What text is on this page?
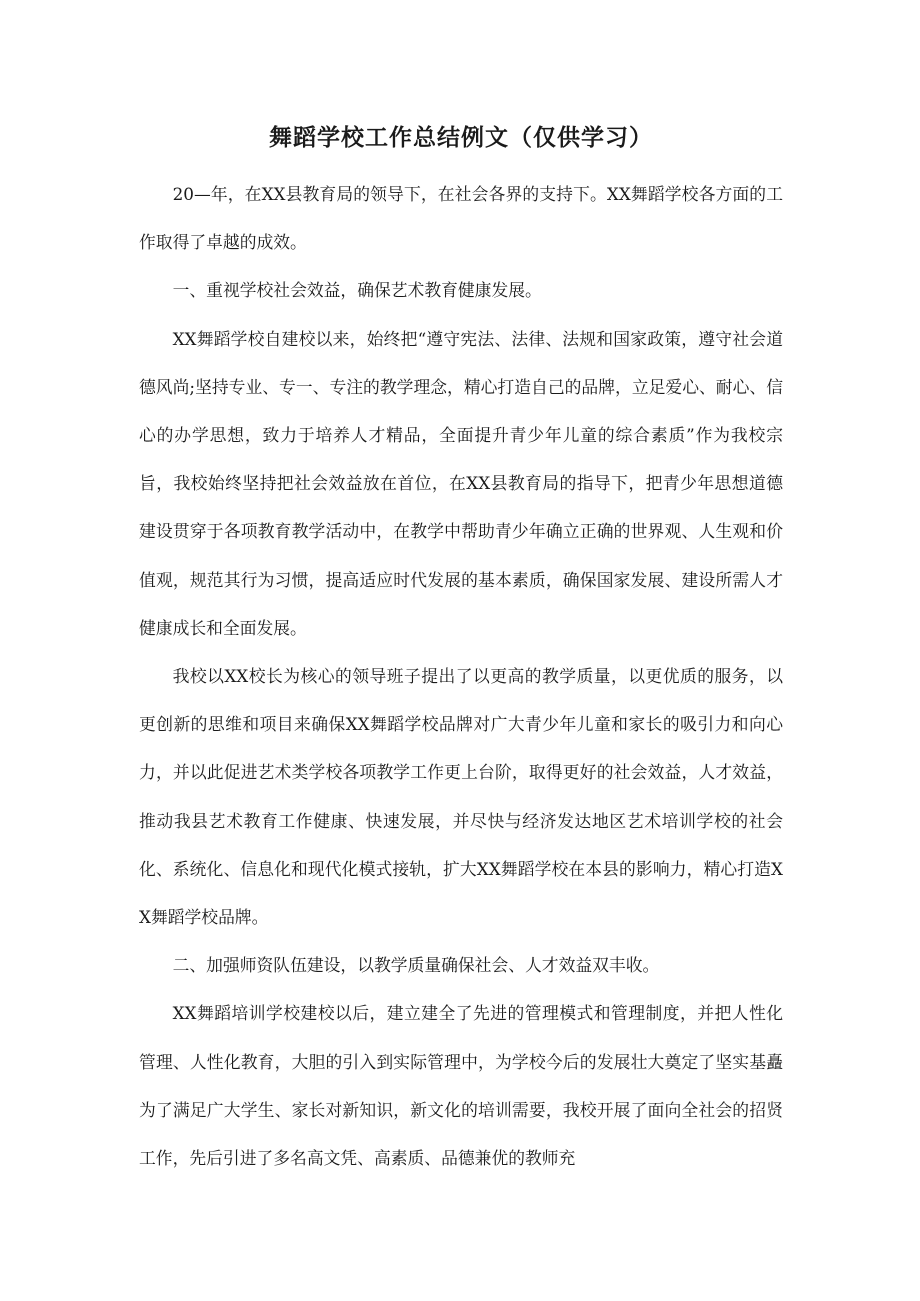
舞蹈学校工作总结例文（仅供学习）

20—年，在XX县教育局的领导下，在社会各界的支持下。XX舞蹈学校各方面的工作取得了卓越的成效。

一、重视学校社会效益，确保艺术教育健康发展。

XX舞蹈学校自建校以来，始终把“遵守宪法、法律、法规和国家政策，遵守社会道德风尚;坚持专业、专一、专注的教学理念，精心打造自己的品牌，立足爱心、耐心、信心的办学思想，致力于培养人才精品，全面提升青少年儿童的综合素质”作为我校宗旨，我校始终坚持把社会效益放在首位，在XX县教育局的指导下，把青少年思想道德建设贯穿于各项教育教学活动中，在教学中帮助青少年确立正确的世界观、人生观和价值观，规范其行为习惯，提高适应时代发展的基本素质，确保国家发展、建设所需人才健康成长和全面发展。

我校以XX校长为核心的领导班子提出了以更高的教学质量，以更优质的服务，以更创新的思维和项目来确保XX舞蹈学校品牌对广大青少年儿童和家长的吸引力和向心力，并以此促进艺术类学校各项教学工作更上台阶，取得更好的社会效益，人才效益，推动我县艺术教育工作健康、快速发展，并尽快与经济发达地区艺术培训学校的社会化、系统化、信息化和现代化模式接轨，扩大XX舞蹈学校在本县的影响力，精心打造XX舞蹈学校品牌。

二、加强师资队伍建设，以教学质量确保社会、人才效益双丰收。

XX舞蹈培训学校建校以后，建立建全了先进的管理模式和管理制度，并把人性化管理、人性化教育，大胆的引入到实际管理中，为学校今后的发展壮大奠定了坚实基矗为了满足广大学生、家长对新知识，新文化的培训需要，我校开展了面向全社会的招贤工作，先后引进了多名高文凭、高素质、品德兼优的教师充
